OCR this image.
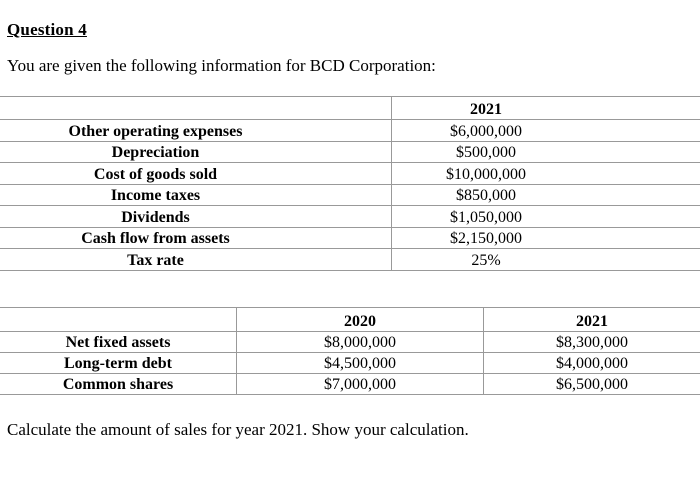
Question 4
You are given the following information for BCD Corporation:
	2021
Other operating expenses	$6,000,000
Depreciation	$500,000
Cost of goods sold	$10,000,000
Income taxes	$850,000
Dividends	$1,050,000
Cash flow from assets	$2,150,000
Tax rate	25%
	2020	2021
Net fixed assets	$8,000,000	$8,300,000
Long-term debt	$4,500,000	$4,000,000
Common shares	$7,000,000	$6,500,000
Calculate the amount of sales for year 2021. Show your calculation.
